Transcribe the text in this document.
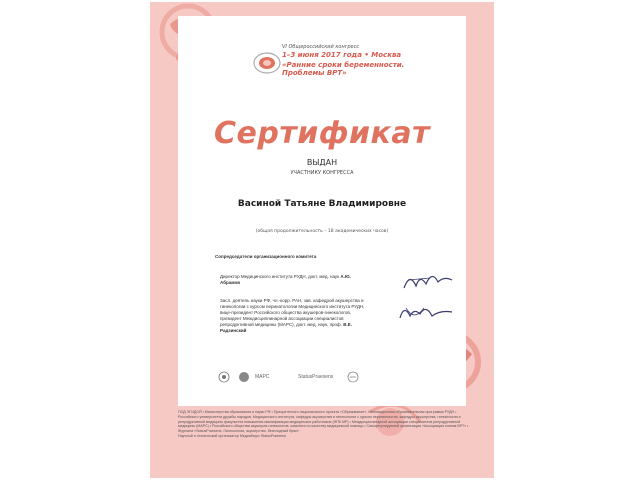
VI Общероссийский конгресс
1–3 июня 2017 года • Москва
«Ранние сроки беременности. Проблемы ВРТ»
Сертификат
ВЫДАН
УЧАСТНИКУ КОНГРЕССА
Васиной Татьяне Владимировне
(общая продолжительность – 18 академических часов)
Сопредседатели организационного комитета
Директор Медицинского института РУДН, докт. мед. наук А.Ю. Абрамов
Засл. деятель науки РФ, чл.-корр. РАН, зав. кафедрой акушерства и гинекологии с курсом перинатологии Медицинского института РУДН, вице-президент Российского общества акушеров-гинекологов, президент Междисциплинарной ассоциации специалистов репродуктивной медицины (МАРС), докт. мед. наук, проф. В.Е. Радзинский
МАРС	StatusPraesens
ПОД ЭГИДОЙ • Министерства образования и науки РФ • Приоритетного национального проекта «Образование», Инновационная образовательная программа РУДН • Российского университета дружбы народов, Медицинского института, кафедры акушерства и гинекологии с курсом перинатологии, кафедры акушерства, гинекологии и репродуктивной медицины факультета повышения квалификации медицинских работников (ФПК МР) • Междисциплинарной ассоциации специалистов репродуктивной медицины (МАРС) • Российского общества акушеров-гинекологов, комитета по качеству медицинской помощи • Саморегулируемой организации «Ассоциация клиник ВРТ» • Журнала «StatusPraesens. Гинекология, акушерство, бесплодный брак»
Научный и технический организатор Медиабюро StatusPraesens
